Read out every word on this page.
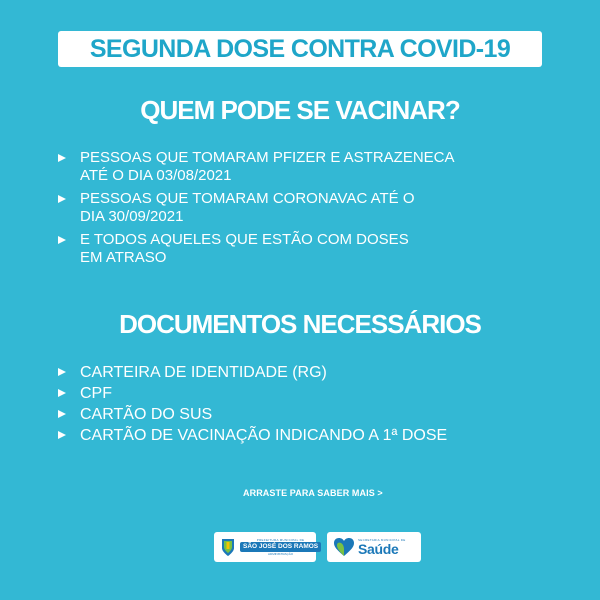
SEGUNDA DOSE CONTRA COVID-19
QUEM PODE SE VACINAR?
PESSOAS QUE TOMARAM PFIZER E ASTRAZENECA
ATÉ O DIA 03/08/2021
PESSOAS QUE TOMARAM CORONAVAC ATÉ O
DIA 30/09/2021
E TODOS AQUELES QUE ESTÃO COM DOSES
EM ATRASO
DOCUMENTOS NECESSÁRIOS
CARTEIRA DE IDENTIDADE (RG)
CPF
CARTÃO DO SUS
CARTÃO DE VACINAÇÃO INDICANDO A 1ª DOSE
ARRASTE PARA SABER MAIS >
PREFEITURA MUNICIPAL DE
SÃO JOSÉ DOS RAMOS
ADMINISTRAÇÃO
SECRETARIA MUNICIPAL DE
Saúde
